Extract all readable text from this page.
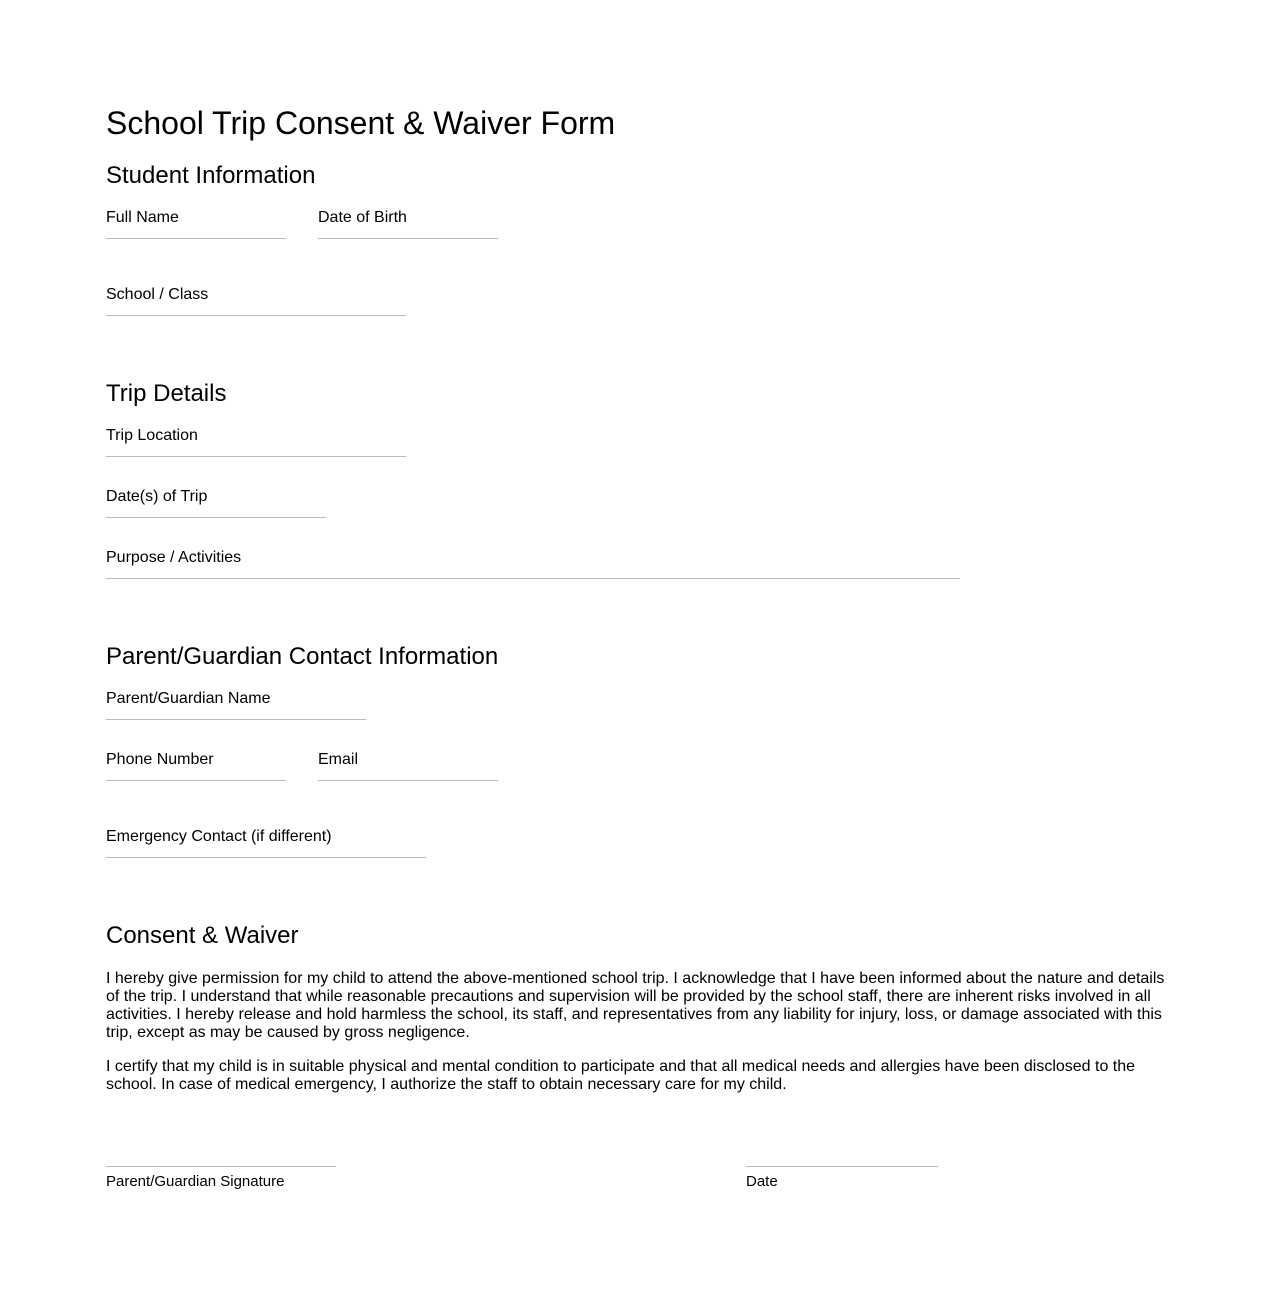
School Trip Consent & Waiver Form
Student Information
Full Name	Date of Birth
School / Class
Trip Details
Trip Location
Date(s) of Trip
Purpose / Activities
Parent/Guardian Contact Information
Parent/Guardian Name
Phone Number	Email
Emergency Contact (if different)
Consent & Waiver

I hereby give permission for my child to attend the above-mentioned school trip. I acknowledge that I have been informed about the nature and details of the trip. I understand that while reasonable precautions and supervision will be provided by the school staff, there are inherent risks involved in all activities. I hereby release and hold harmless the school, its staff, and representatives from any liability for injury, loss, or damage associated with this trip, except as may be caused by gross negligence.

I certify that my child is in suitable physical and mental condition to participate and that all medical needs and allergies have been disclosed to the school. In case of medical emergency, I authorize the staff to obtain necessary care for my child.

Parent/Guardian Signature	Date
